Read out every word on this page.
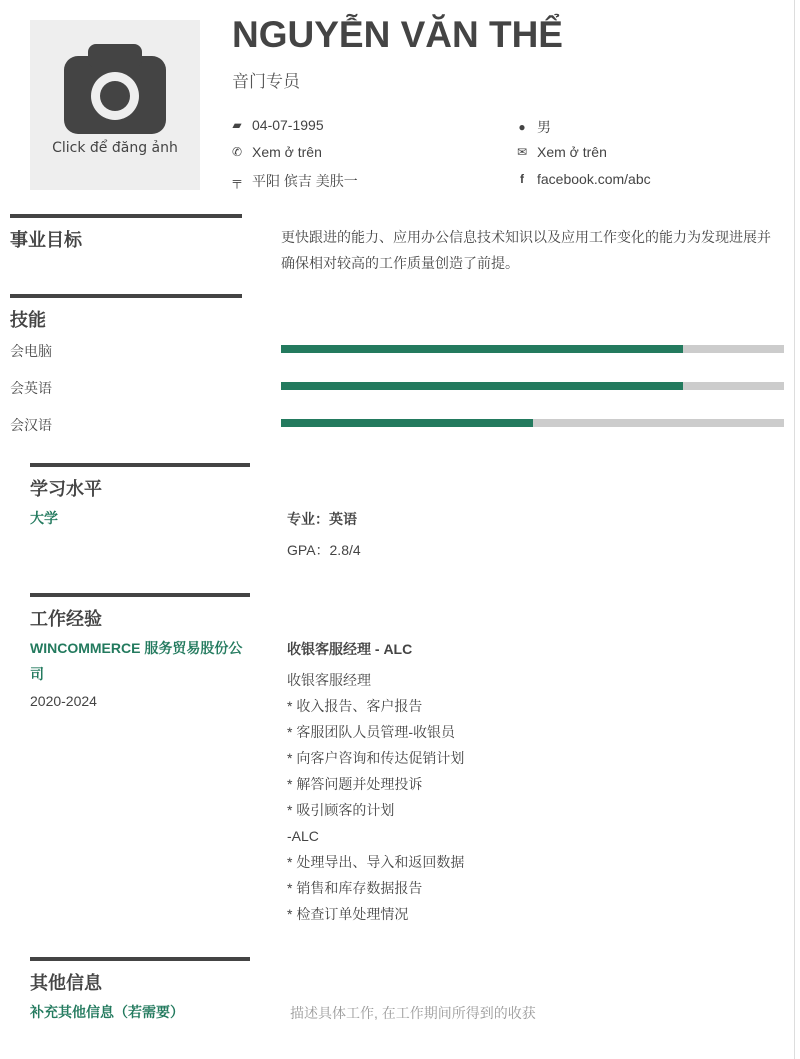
Click để đăng ảnh
NGUYỄN VĂN THỂ
音门专员
▰ 04-07-1995	● 男
✆ Xem ở trên	✉ Xem ở trên
╤ 平阳 傧吉 美肤一	f facebook.com/abc
事业目标	更快跟进的能力、应用办公信息技术知识以及应用工作变化的能力为发现进展并确保相对较高的工作质量创造了前提。
技能
会电脑
会英语
会汉语
学习水平
大学	专业：英语
GPA：2.8/4
工作经验
WINCOMMERCE 服务贸易股份公司
2020-2024
收银客服经理 - ALC
收银客服经理
* 收入报告、客户报告
* 客服团队人员管理-收银员
* 向客户咨询和传达促销计划
* 解答问题并处理投诉
* 吸引顾客的计划
-ALC
* 处理导出、导入和返回数据
* 销售和库存数据报告
* 检查订单处理情况
其他信息
补充其他信息（若需要）	描述具体工作, 在工作期间所得到的收获
